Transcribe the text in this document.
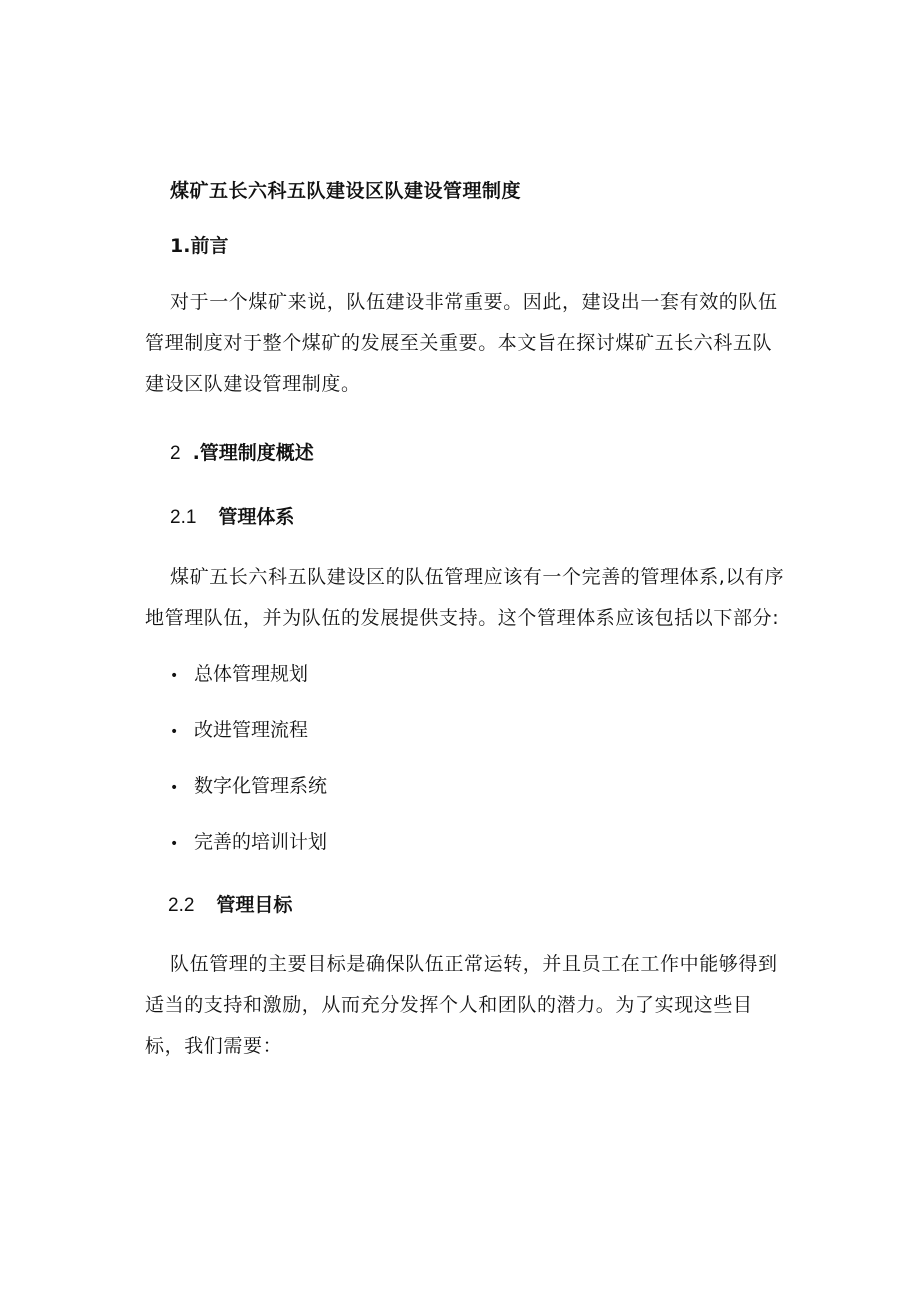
煤矿五长六科五队建设区队建设管理制度
1.前言

对于一个煤矿来说，队伍建设非常重要。因此，建设出一套有效的队伍管理制度对于整个煤矿的发展至关重要。本文旨在探讨煤矿五长六科五队建设区队建设管理制度。

2 .管理制度概述
2.1 管理体系

煤矿五长六科五队建设区的队伍管理应该有一个完善的管理体系,以有序地管理队伍，并为队伍的发展提供支持。这个管理体系应该包括以下部分:

• 总体管理规划
• 改进管理流程
• 数字化管理系统
• 完善的培训计划
2.2 管理目标

队伍管理的主要目标是确保队伍正常运转，并且员工在工作中能够得到适当的支持和激励，从而充分发挥个人和团队的潜力。为了实现这些目标，我们需要：
